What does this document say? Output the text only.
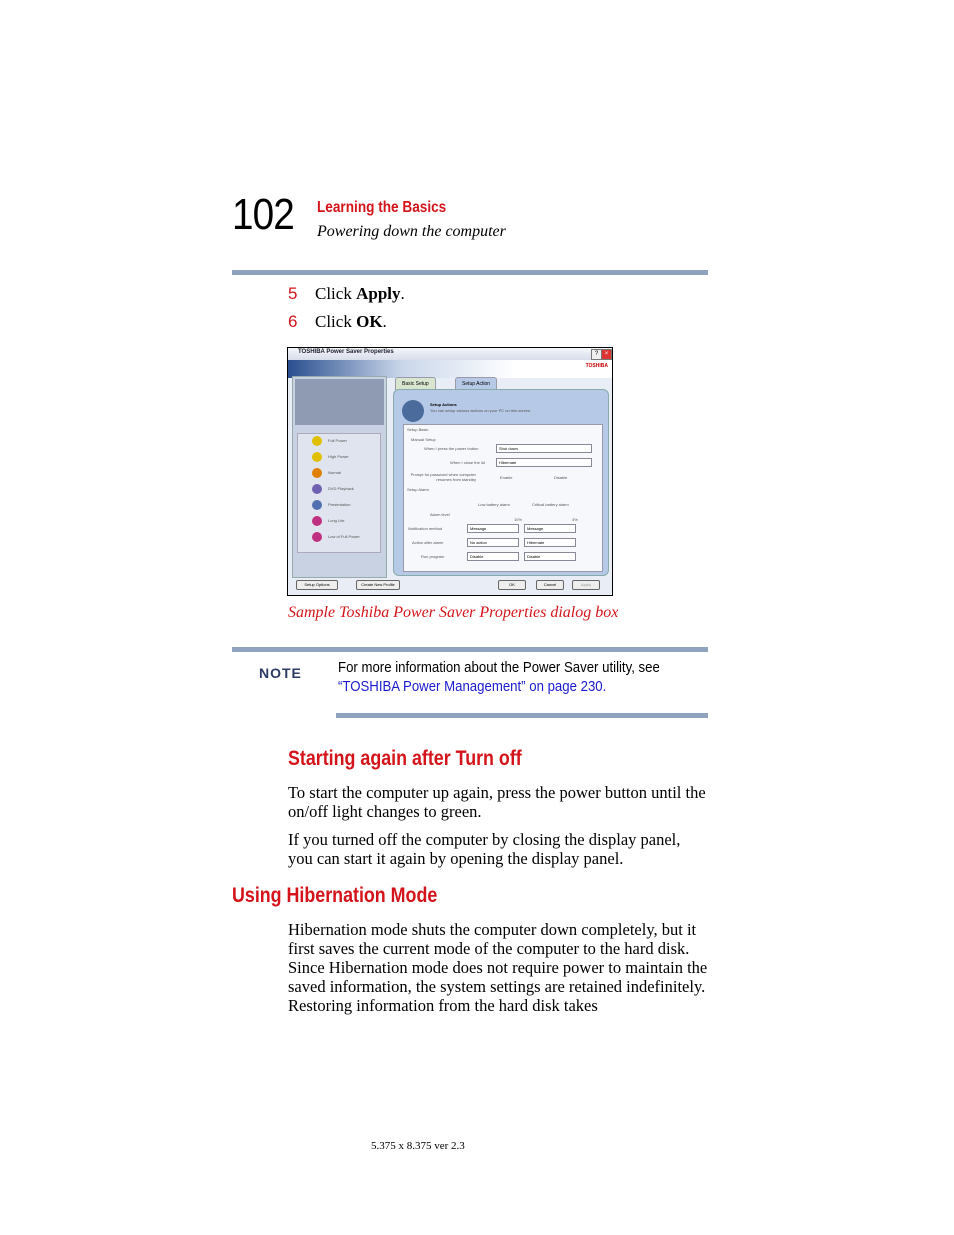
102 Learning the Basics
Powering down the computer
5 Click Apply.
6 Click OK.
TOSHIBA Power Saver Properties	?	×
TOSHIBA
Full Power
High Power
Normal
DVD Playback
Presentation
Long Life
Low of Full Power
Basic Setup	Setup Action
Setup Actions
You can setup various actions on your PC on this screen.
Setup Basic
Manual Setup
When I press the power button	Shut down
When I close the lid	Hibernate
Prompt for password when computer resumes from standby	Enable	Disable
Setup Alarm
Low battery alarm	Critical battery alarm
Alarm level
10%	3%
Notification method	Message	Message
Action after alarm	No action	Hibernate
Run program	Disable	Disable
Setup Options	Create New Profile	OK	Cancel	Apply
Sample Toshiba Power Saver Properties dialog box
NOTE For more information about the Power Saver utility, see
“TOSHIBA Power Management” on page 230.
Starting again after Turn off
To start the computer up again, press the power button until the on/off light changes to green.
If you turned off the computer by closing the display panel, you can start it again by opening the display panel.
Using Hibernation Mode
Hibernation mode shuts the computer down completely, but it first saves the current mode of the computer to the hard disk. Since Hibernation mode does not require power to maintain the saved information, the system settings are retained indefinitely. Restoring information from the hard disk takes
5.375 x 8.375 ver 2.3
